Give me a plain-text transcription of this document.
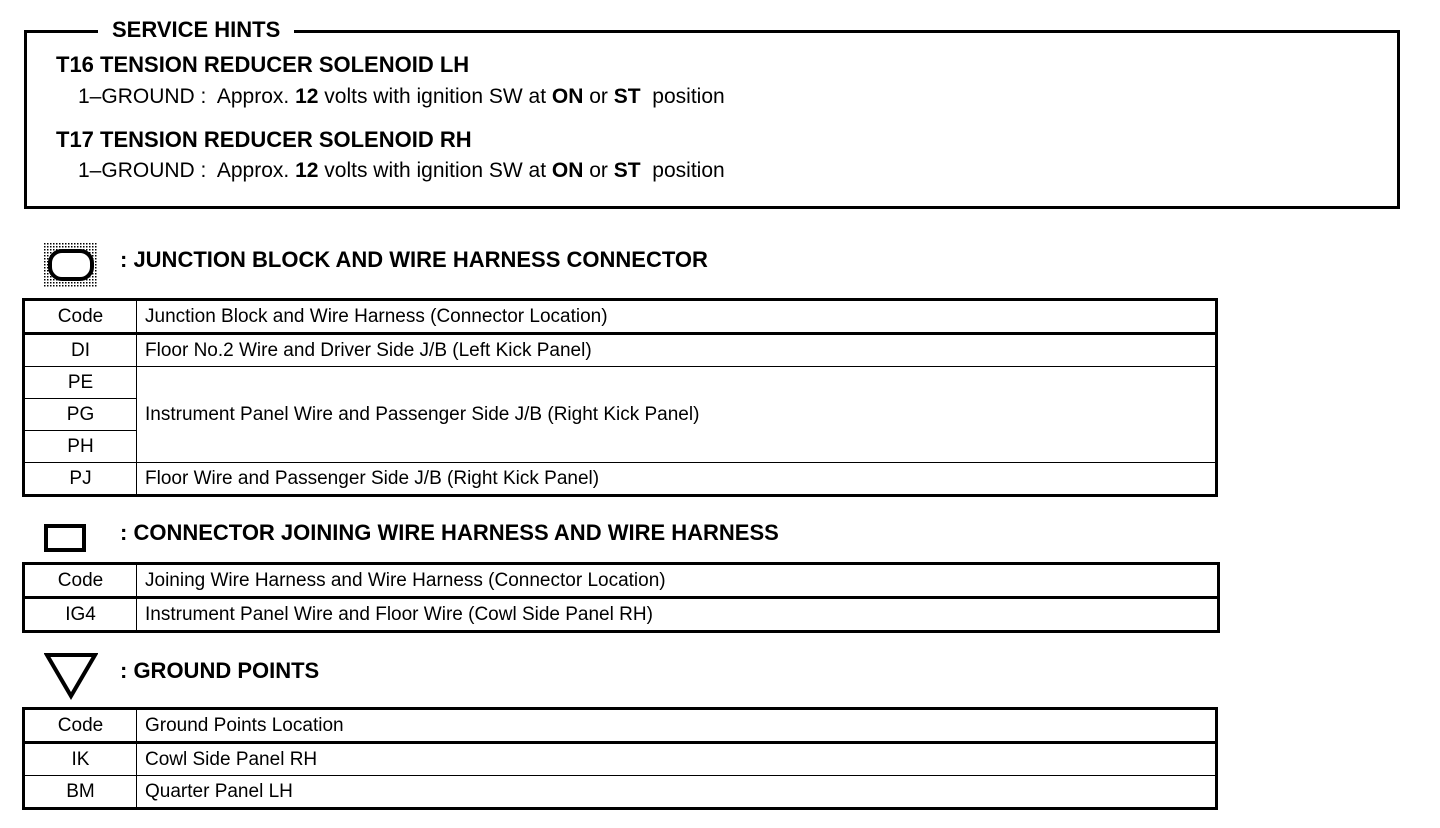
SERVICE HINTS
T16 TENSION REDUCER SOLENOID LH
1–GROUND : Approx. 12 volts with ignition SW at ON or ST position
T17 TENSION REDUCER SOLENOID RH
1–GROUND : Approx. 12 volts with ignition SW at ON or ST position
: JUNCTION BLOCK AND WIRE HARNESS CONNECTOR
Code	Junction Block and Wire Harness (Connector Location)
DI	Floor No.2 Wire and Driver Side J/B (Left Kick Panel)
PE	Instrument Panel Wire and Passenger Side J/B (Right Kick Panel)
PG	
PH	
PJ	Floor Wire and Passenger Side J/B (Right Kick Panel)
: CONNECTOR JOINING WIRE HARNESS AND WIRE HARNESS
Code	Joining Wire Harness and Wire Harness (Connector Location)
IG4	Instrument Panel Wire and Floor Wire (Cowl Side Panel RH)
: GROUND POINTS
Code	Ground Points Location
IK	Cowl Side Panel RH
BM	Quarter Panel LH
